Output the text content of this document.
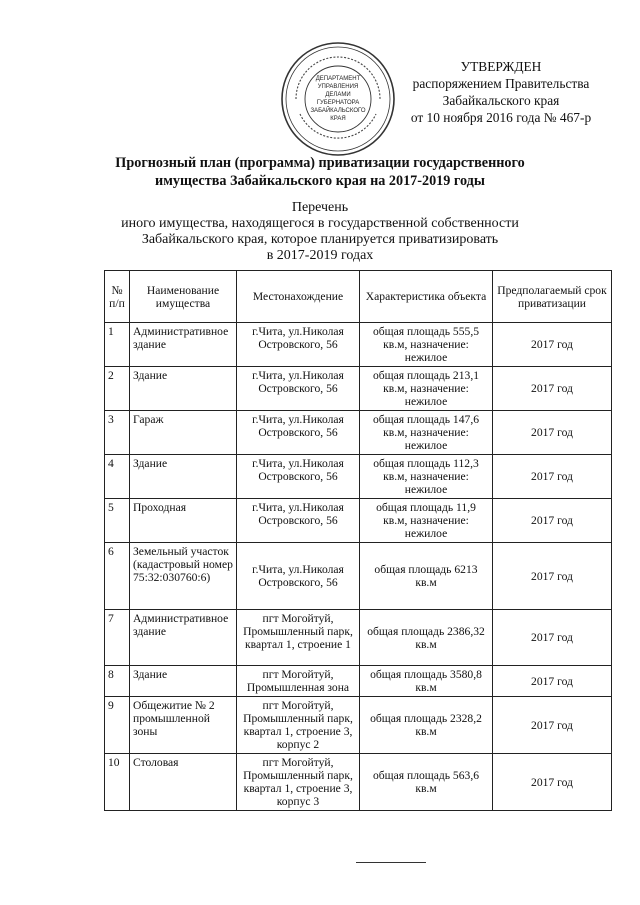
ДЕПАРТАМЕНТ
УПРАВЛЕНИЯ
ДЕЛАМИ
ГУБЕРНАТОРА
ЗАБАЙКАЛЬСКОГО
КРАЯ
УТВЕРЖДЕН
распоряжением Правительства
Забайкальского края
от 10 ноября 2016 года № 467-р
Прогнозный план (программа) приватизации государственного
имущества Забайкальского края на 2017-2019 годы
Перечень
иного имущества, находящегося в государственной собственности
Забайкальского края, которое планируется приватизировать
в 2017-2019 годах
№ п/п	Наименование имущества	Местонахождение	Характеристика объекта	Предполагаемый срок приватизации
1	Административное здание	г.Чита, ул.Николая Островского, 56	общая площадь 555,5 кв.м, назначение: нежилое	2017 год
2	Здание	г.Чита, ул.Николая Островского, 56	общая площадь 213,1 кв.м, назначение: нежилое	2017 год
3	Гараж	г.Чита, ул.Николая Островского, 56	общая площадь 147,6 кв.м, назначение: нежилое	2017 год
4	Здание	г.Чита, ул.Николая Островского, 56	общая площадь 112,3 кв.м, назначение: нежилое	2017 год
5	Проходная	г.Чита, ул.Николая Островского, 56	общая площадь 11,9 кв.м, назначение: нежилое	2017 год
6	Земельный участок (кадастровый номер 75:32:030760:6)	г.Чита, ул.Николая Островского, 56	общая площадь 6213 кв.м	2017 год
7	Административное здание	пгт Могойтуй, Промышленный парк, квартал 1, строение 1	общая площадь 2386,32 кв.м	2017 год
8	Здание	пгт Могойтуй, Промышленная зона	общая площадь 3580,8 кв.м	2017 год
9	Общежитие № 2 промышленной зоны	пгт Могойтуй, Промышленный парк, квартал 1, строение 3, корпус 2	общая площадь 2328,2 кв.м	2017 год
10	Столовая	пгт Могойтуй, Промышленный парк, квартал 1, строение 3, корпус 3	общая площадь 563,6 кв.м	2017 год
